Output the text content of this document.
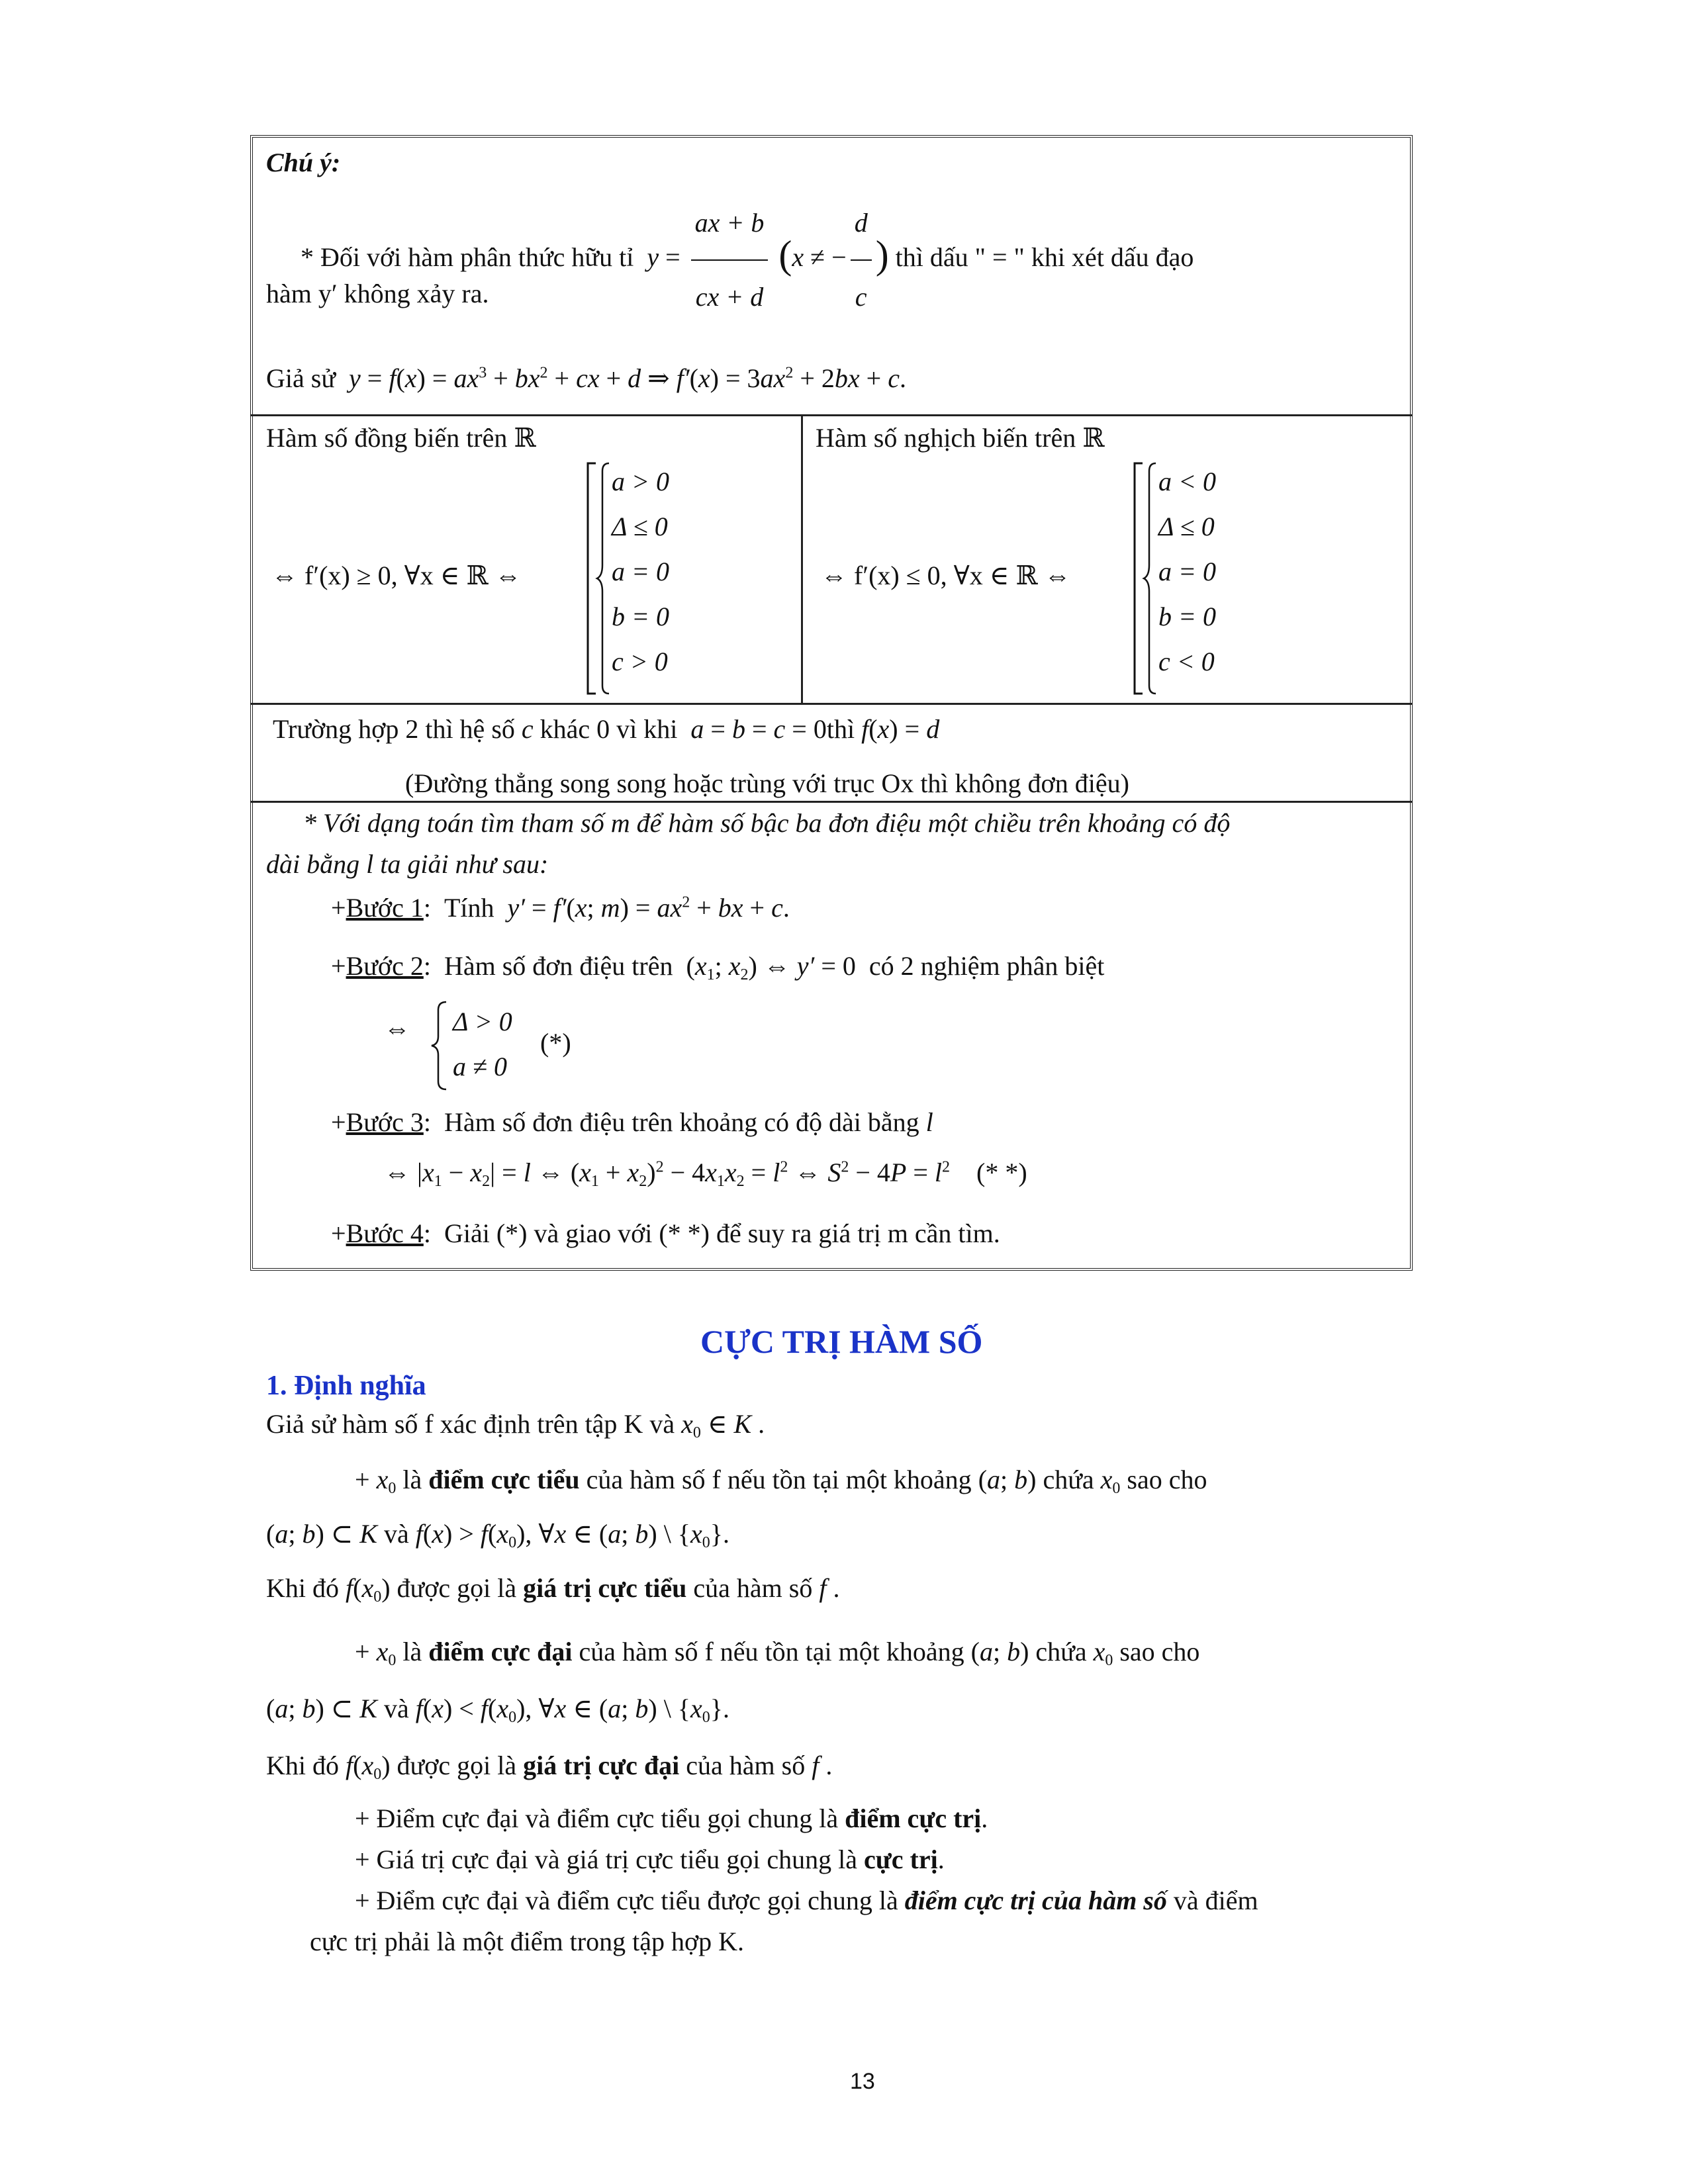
Chú ý:
* Đối với hàm phân thức hữu tỉ  $y = \frac{ax + b}{cx + d} (x$ ≠ − $\frac{d}{c}$ ) thì dấu " = " khi xét dấu đạo
hàm y′ không xảy ra.
Giả sử  $y = f(x) = ax^3 + bx^2$ + cx + d ⇒ $f'(x) = 3ax^2 + 2bx + c$.
Hàm số đồng biến trên ℝ
⇔ f′(x) ≥ 0, ∀x ∈ ℝ ⇔
a > 0
Δ ≤ 0
a = 0
b = 0
c > 0
Hàm số nghịch biến trên ℝ
⇔ f′(x) ≤ 0, ∀x ∈ ℝ ⇔
a < 0
Δ ≤ 0
a = 0
b = 0
c < 0
Trường hợp 2 thì hệ số c khác 0 vì khi  a = b = c = 0thì f(x) = d
(Đường thẳng song song hoặc trùng với trục Ox thì không đơn điệu)
* Với dạng toán tìm tham số m để hàm số bậc ba đơn điệu một chiều trên khoảng có độ
dài bằng l ta giải như sau:
+Bước 1:  Tính  y′ = f′(x; $m) = ax^2$ + bx + c.
+Bước 2:  Hàm số đơn điệu trên  ($x_1$; $x_2$) ⇔ y′ = 0  có 2 nghiệm phân biệt
⇔ Δ > 0
a ≠ 0
(*)
+Bước 3:  Hàm số đơn điệu trên khoảng có độ dài bằng l
⇔ $|x_1 - x_2| = l$ ⇔ $(x_1 + x_2)^2 - 4x_1x_2 = l^2$ ⇔ $S^2 - 4P = l^2$ (* *)
+Bước 4:  Giải (*) và giao với (* *) để suy ra giá trị m cần tìm.
CỰC TRỊ HÀM SỐ
1. Định nghĩa
Giả sử hàm số f xác định trên tập K và $x_0$ ∈ K .
+ $x_0$ là điểm cực tiểu của hàm số f nếu tồn tại một khoảng (a; b) chứa $x_0$ sao cho
(a; b) ⊂ K và $f(x) > f(x_0)$, ∀x ∈ (a; b) \ $\{x_0\}$.
Khi đó $f(x_0)$ được gọi là giá trị cực tiểu của hàm số f .
+ $x_0$ là điểm cực đại của hàm số f nếu tồn tại một khoảng (a; b) chứa $x_0$ sao cho
(a; b) ⊂ K và $f(x) < f(x_0)$, ∀x ∈ (a; b) \ $\{x_0\}$.
Khi đó $f(x_0)$ được gọi là giá trị cực đại của hàm số f .
+ Điểm cực đại và điểm cực tiểu gọi chung là điểm cực trị.
+ Giá trị cực đại và giá trị cực tiểu gọi chung là cực trị.
+ Điểm cực đại và điểm cực tiểu được gọi chung là điểm cực trị của hàm số và điểm
cực trị phải là một điểm trong tập hợp K.
13
